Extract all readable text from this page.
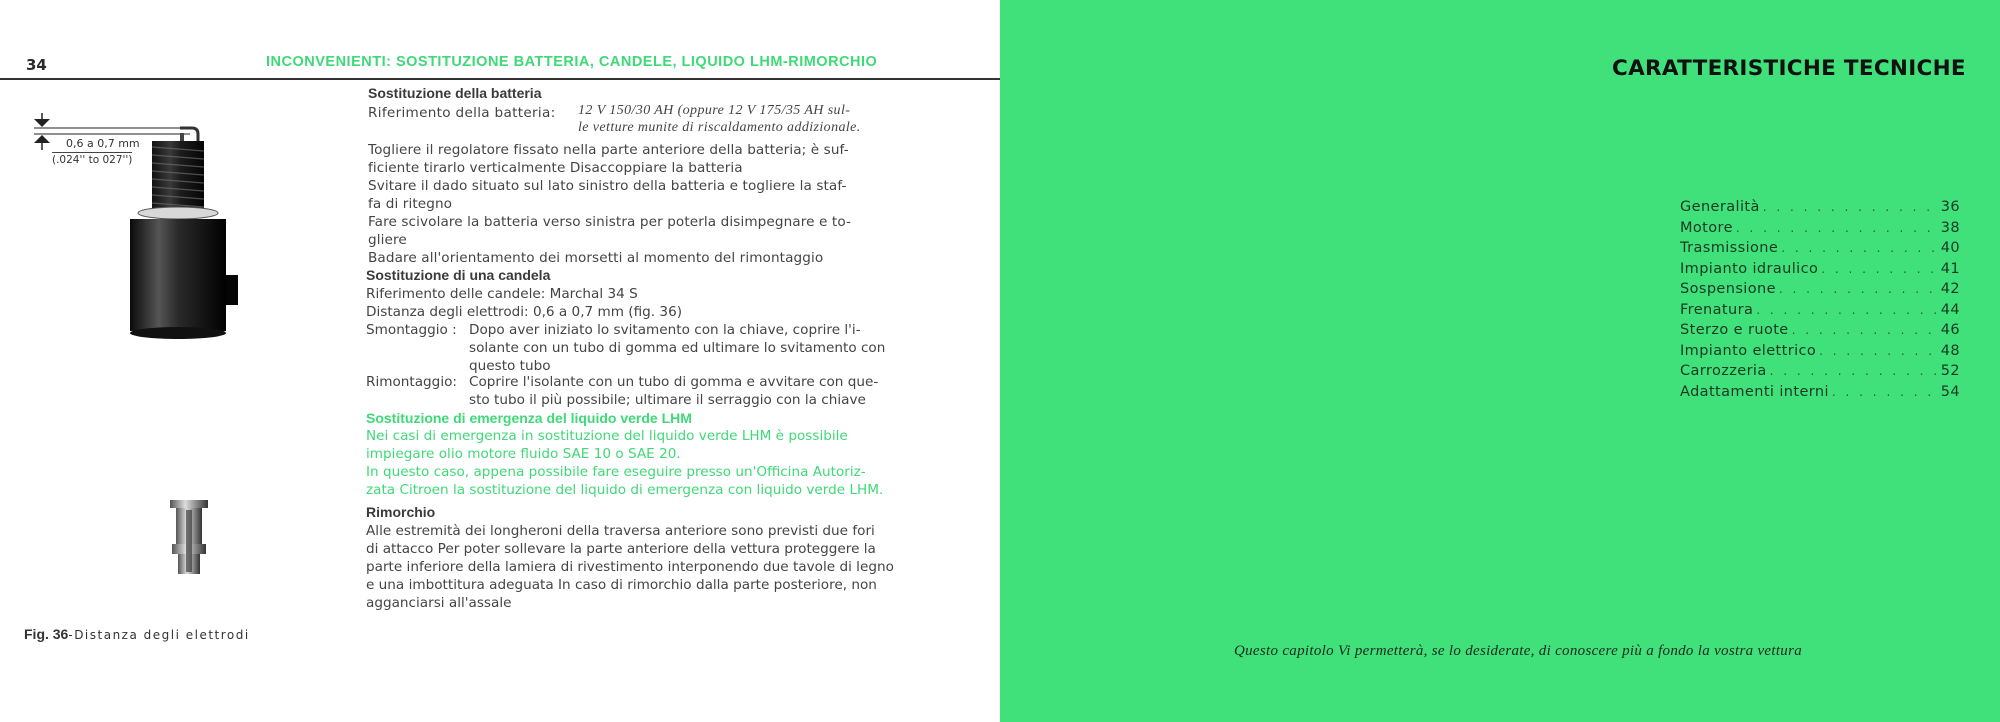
34	INCONVENIENTI: SOSTITUZIONE BATTERIA, CANDELE, LIQUIDO LHM-RIMORCHIO
0,6 a 0,7 mm
(.024'' to 027'')
Sostituzione della batteria
Riferimento della batteria: 12 V 150/30 AH (oppure 12 V 175/35 AH sul-
le vetture munite di riscaldamento addizionale.
Togliere il regolatore fissato nella parte anteriore della batteria; è suf-
ficiente tirarlo verticalmente Disaccoppiare la batteria
Svitare il dado situato sul lato sinistro della batteria e togliere la staf-
fa di ritegno
Fare scivolare la batteria verso sinistra per poterla disimpegnare e to-
gliere
Badare all'orientamento dei morsetti al momento del rimontaggio
Sostituzione di una candela
Riferimento delle candele: Marchal 34 S
Distanza degli elettrodi: 0,6 a 0,7 mm (fig. 36)
Smontaggio : Dopo aver iniziato lo svitamento con la chiave, coprire l'i-
solante con un tubo di gomma ed ultimare lo svitamento con
questo tubo
Rimontaggio: Coprire l'isolante con un tubo di gomma e avvitare con que-
sto tubo il più possibile; ultimare il serraggio con la chiave
Sostituzione di emergenza del liquido verde LHM
Nei casi di emergenza in sostituzione del liquido verde LHM è possibile
impiegare olio motore fluido SAE 10 o SAE 20.
In questo caso, appena possibile fare eseguire presso un'Officina Autoriz-
zata Citroen la sostituzione del liquido di emergenza con liquido verde LHM.
Rimorchio
Alle estremità dei longheroni della traversa anteriore sono previsti due fori
di attacco Per poter sollevare la parte anteriore della vettura proteggere la
parte inferiore della lamiera di rivestimento interponendo due tavole di legno
e una imbottitura adeguata In caso di rimorchio dalla parte posteriore, non
agganciarsi all'assale
Fig. 36-Distanza degli elettrodi
CARATTERISTICHE TECNICHE
Generalità . . .	36
Motore . . .	38
Trasmissione . . .	40
Impianto idraulico . . .	41
Sospensione . . .	42
Frenatura . . .	44
Sterzo e ruote . . .	46
Impianto elettrico . . .	48
Carrozzeria . . .	52
Adattamenti interni . . .	54
Questo capitolo Vi permetterà, se lo desiderate, di conoscere più a fondo la vostra vettura
